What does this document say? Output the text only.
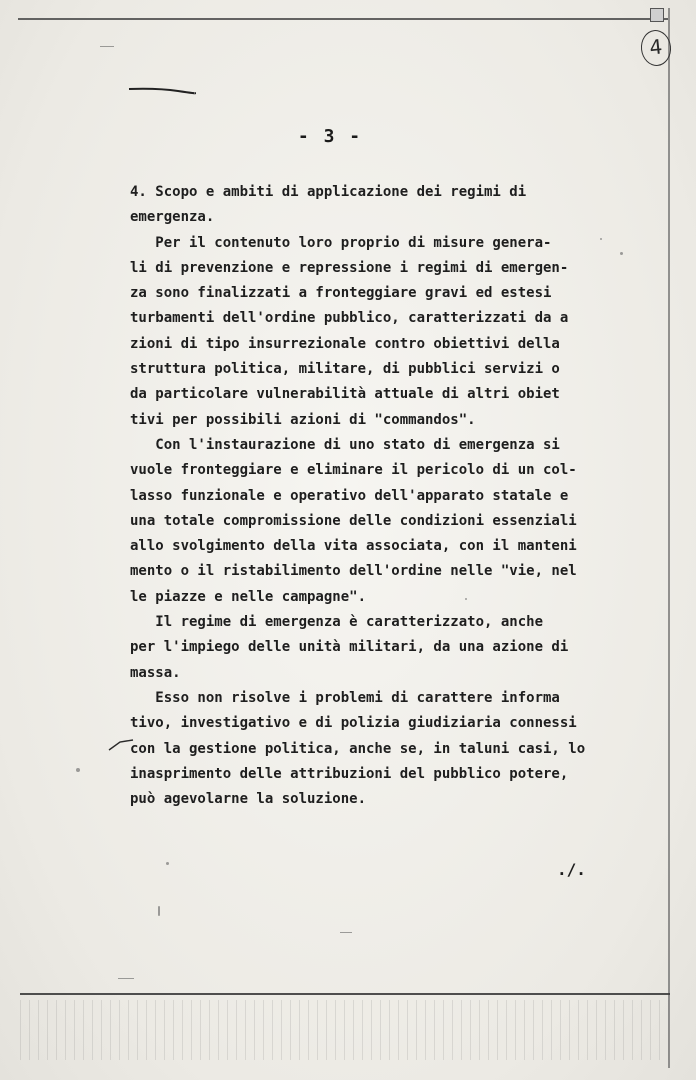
4
- 3 -
4. Scopo e ambiti di applicazione dei regimi di
emergenza.
Per il contenuto loro proprio di misure genera-
li di prevenzione e repressione i regimi di emergen-
za sono finalizzati a fronteggiare gravi ed estesi
turbamenti dell'ordine pubblico, caratterizzati da a
zioni di tipo insurrezionale contro obiettivi della
struttura politica, militare, di pubblici servizi o
da particolare vulnerabilità attuale di altri obiet
tivi per possibili azioni di "commandos".
Con l'instaurazione di uno stato di emergenza si
vuole fronteggiare e eliminare il pericolo di un col-
lasso funzionale e operativo dell'apparato statale e
una totale compromissione delle condizioni essenziali
allo svolgimento della vita associata, con il manteni
mento o il ristabilimento dell'ordine nelle "vie, nel
le piazze e nelle campagne".
Il regime di emergenza è caratterizzato, anche
per l'impiego delle unità militari, da una azione di
massa.
Esso non risolve i problemi di carattere informa
tivo, investigativo e di polizia giudiziaria connessi
con la gestione politica, anche se, in taluni casi, lo
inasprimento delle attribuzioni del pubblico potere,
può agevolarne la soluzione.
./.
